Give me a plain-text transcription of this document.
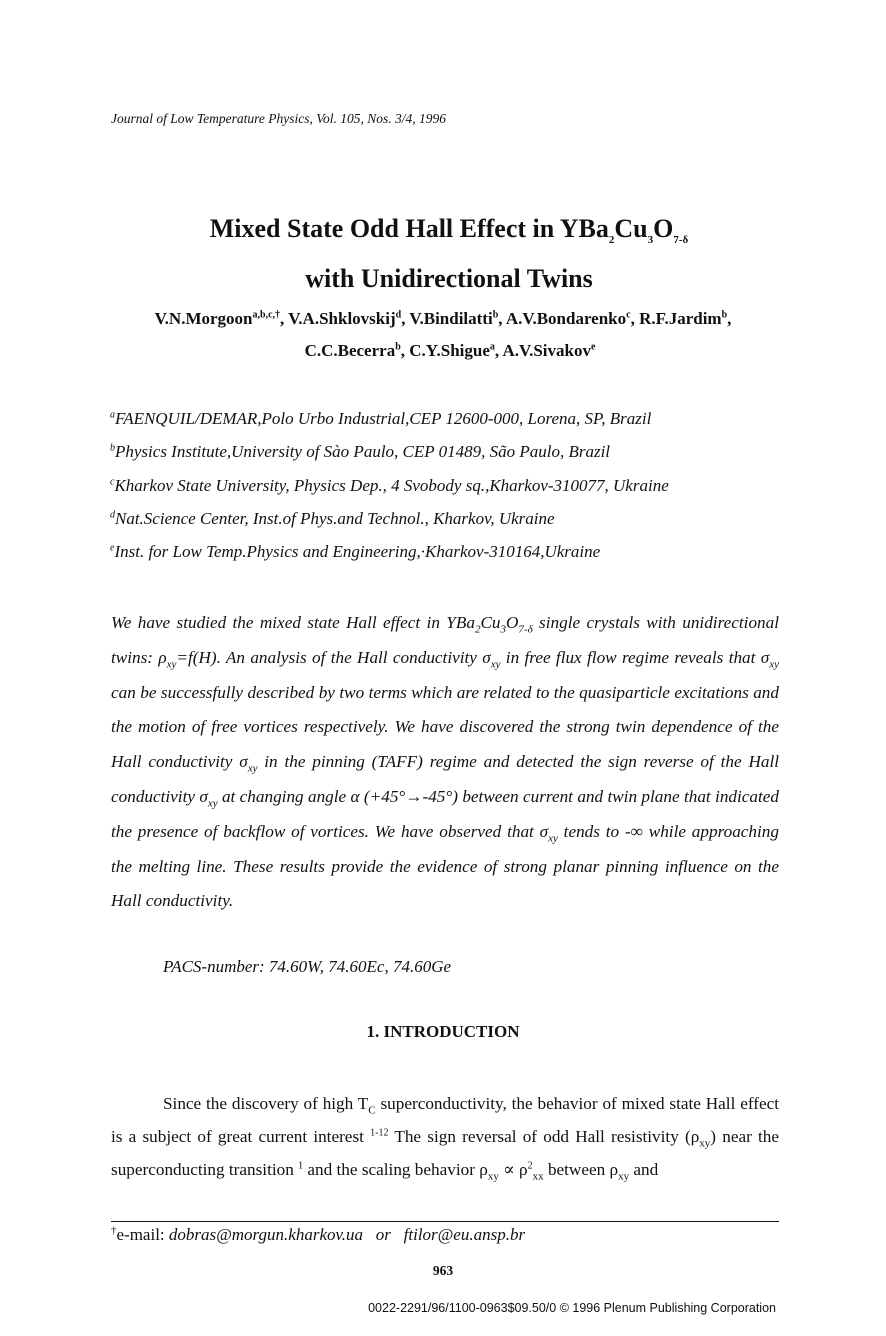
Journal of Low Temperature Physics, Vol. 105, Nos. 3/4, 1996
Mixed State Odd Hall Effect in $YBa_2Cu_3O_{7-\delta}$
with Unidirectional Twins
V.N.Morgoon$^{a,b,c,\dagger}$, V.A.Shklovskij$^d$, V.Bindilatti$^b$, A.V.Bondarenko$^c$, R.F.Jardim$^b$,
C.C.Becerra$^b$, C.Y.Shigue$^a$, A.V.Sivakov$^e$
$^a$FAENQUIL/DEMAR,Polo Urbo Industrial,CEP 12600-000, Lorena, SP, Brazil
$^b$Physics Institute,University of Sào Paulo, CEP 01489, São Paulo, Brazil
$^c$Kharkov State University, Physics Dep., 4 Svobody sq.,Kharkov-310077, Ukraine
$^d$Nat.Science Center, Inst.of Phys.and Technol., Kharkov, Ukraine
$^e$Inst. for Low Temp.Physics and Engineering,·Kharkov-310164,Ukraine
We have studied the mixed state Hall effect in $YBa_2Cu_3O_{7-\delta}$ single crystals with unidirectional twins: $\rho_{xy}=f(H)$. An analysis of the Hall conductivity $\sigma_{xy}$ in free flux flow regime reveals that $\sigma_{xy}$ can be successfully described by two terms which are related to the quasiparticle excitations and the motion of free vortices respectively. We have discovered the strong twin dependence of the Hall conductivity $\sigma_{xy}$ in the pinning (TAFF) regime and detected the sign reverse of the Hall conductivity $\sigma_{xy}$ at changing angle α (+45°→-45°) between current and twin plane that indicated the presence of backflow of vortices. We have observed that $\sigma_{xy}$ tends to -∞ while approaching the melting line. These results provide the evidence of strong planar pinning influence on the Hall conductivity.
PACS-number: 74.60W, 74.60Ec, 74.60Ge
1. INTRODUCTION
Since the discovery of high $T_C$ superconductivity, the behavior of mixed state Hall effect is a subject of great current interest $^{1-12}$ The sign reversal of odd Hall resistivity $(\rho_{xy})$ near the superconducting transition $^1$ and the scaling behavior $\rho_{xy} \propto \rho^2_{xx}$ between $\rho_{xy}$ and
†e-mail: dobras@morgun.kharkov.ua   or   ftilor@eu.ansp.br
963
0022-2291/96/1100-0963$09.50/0 © 1996 Plenum Publishing Corporation
